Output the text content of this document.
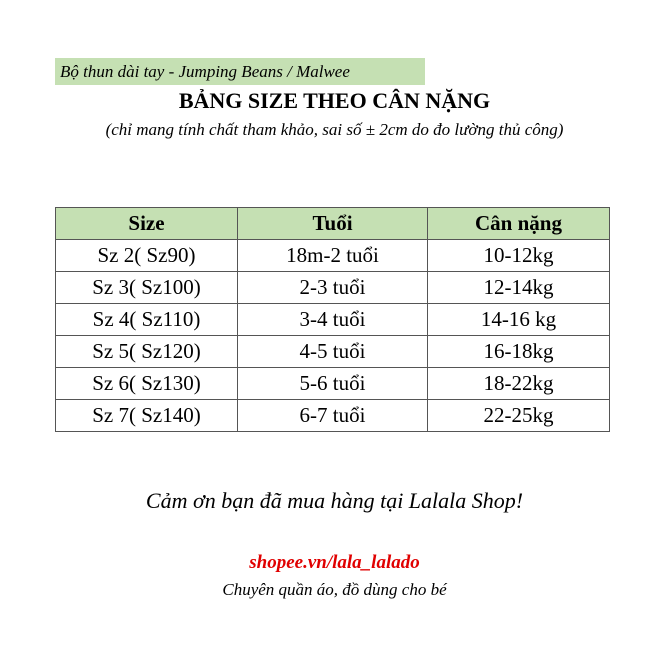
Bộ thun dài tay - Jumping Beans / Malwee
BẢNG SIZE THEO CÂN NẶNG
(chỉ mang tính chất tham khảo, sai số ± 2cm do đo lường thủ công)
Size	Tuổi	Cân nặng
Sz 2( Sz90)	18m-2 tuổi	10-12kg
Sz 3( Sz100)	2-3 tuổi	12-14kg
Sz 4( Sz110)	3-4 tuổi	14-16 kg
Sz 5( Sz120)	4-5 tuổi	16-18kg
Sz 6( Sz130)	5-6 tuổi	18-22kg
Sz 7( Sz140)	6-7 tuổi	22-25kg
Cảm ơn bạn đã mua hàng tại Lalala Shop!
shopee.vn/lala_lalado
Chuyên quần áo, đồ dùng cho bé
